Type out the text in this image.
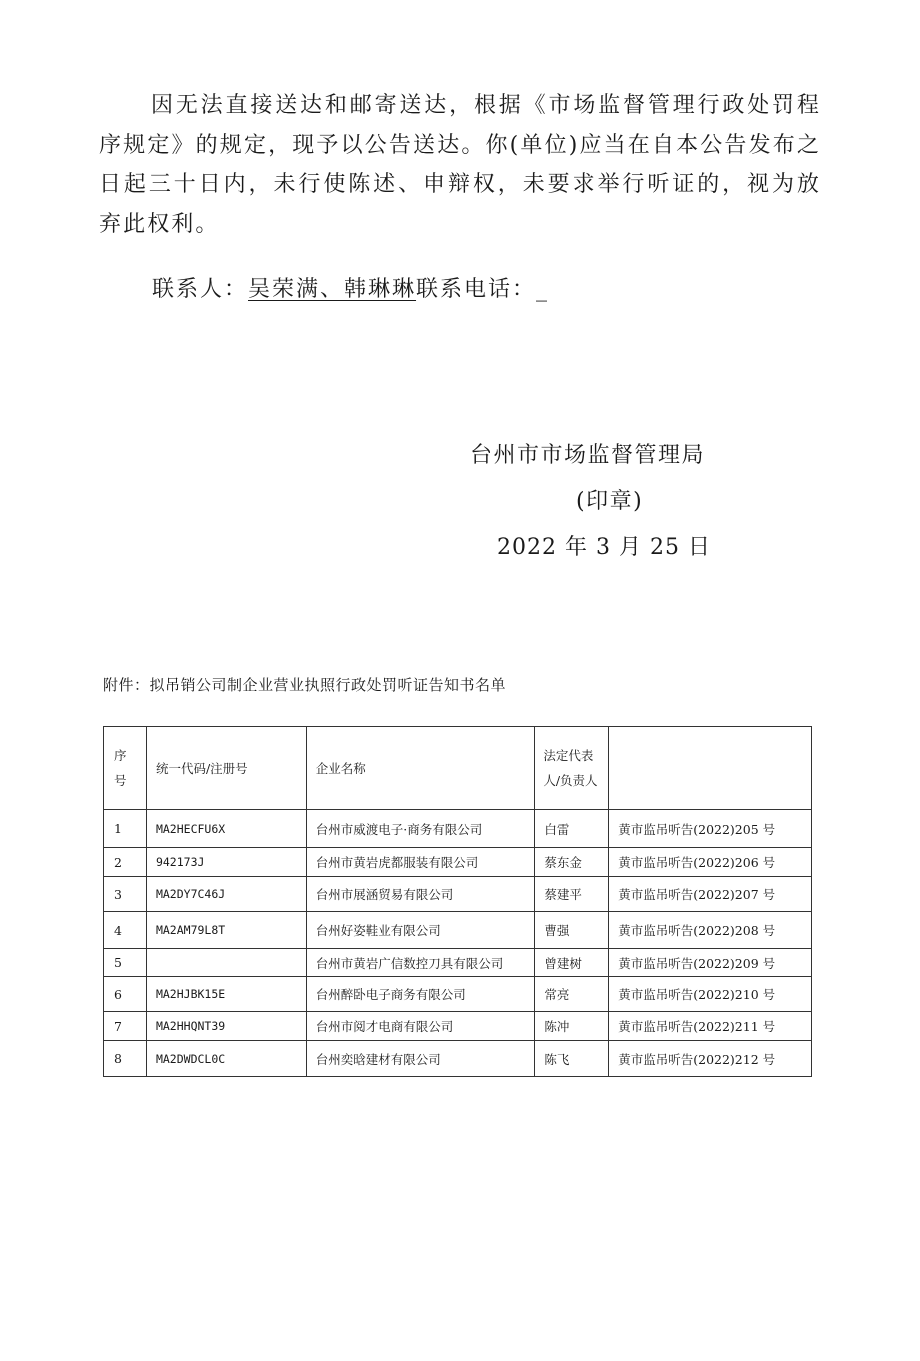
因无法直接送达和邮寄送达，根据《市场监督管理行政处罚程序规定》的规定，现予以公告送达。你(单位)应当在自本公告发布之日起三十日内，未行使陈述、申辩权，未要求举行听证的，视为放弃此权利。

联系人：吴荣满、韩琳琳联系电话：_
台州市市场监督管理局
(印章)
2022 年 3 月 25 日
附件：拟吊销公司制企业营业执照行政处罚听证告知书名单
序
号	统一代码/注册号	企业名称	法定代表
人/负责人	
1	MA2HECFU6X	台州市威渡电子·商务有限公司	白雷	黄市监吊听告(2022)205 号
2	942173J	台州市黄岩虎都服装有限公司	蔡东金	黄市监吊听告(2022)206 号
3	MA2DY7C46J	台州市展涵贸易有限公司	蔡建平	黄市监吊听告(2022)207 号
4	MA2AM79L8T	台州好姿鞋业有限公司	曹强	黄市监吊听告(2022)208 号
5		台州市黄岩广信数控刀具有限公司	曾建树	黄市监吊听告(2022)209 号
6	MA2HJBK15E	台州醉卧电子商务有限公司	常亮	黄市监吊听告(2022)210 号
7	MA2HHQNT39	台州市阅才电商有限公司	陈冲	黄市监吊听告(2022)211 号
8	MA2DWDCL0C	台州奕晗建材有限公司	陈飞	黄市监吊听告(2022)212 号
